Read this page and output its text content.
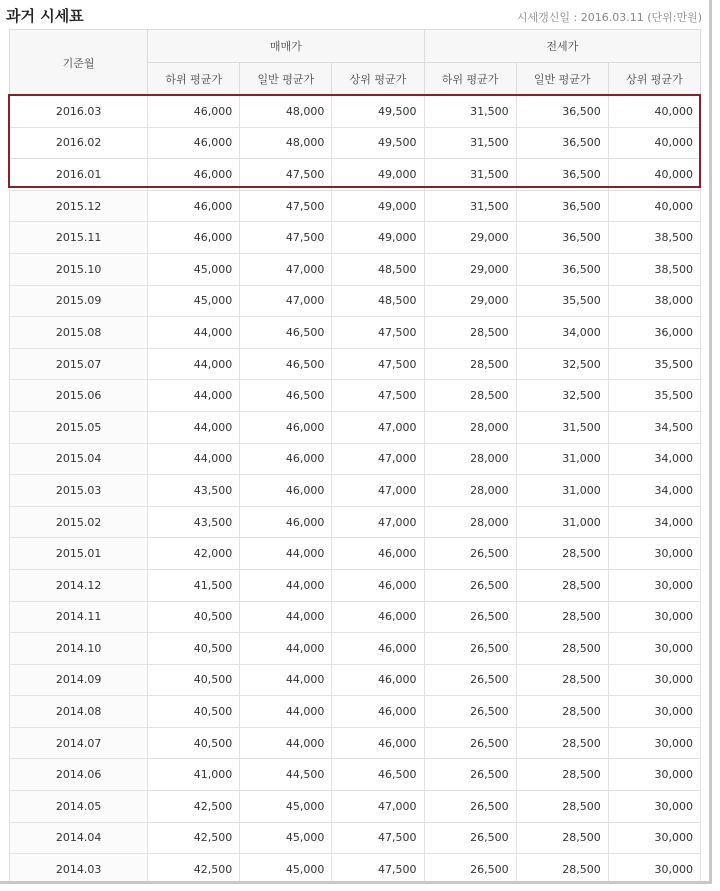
과거 시세표	시세갱신일 : 2016.03.11 (단위:만원)
기준월	매매가			전세가		
	하위 평균가	일반 평균가	상위 평균가	하위 평균가	일반 평균가	상위 평균가
2016.03	46,000	48,000	49,500	31,500	36,500	40,000
2016.02	46,000	48,000	49,500	31,500	36,500	40,000
2016.01	46,000	47,500	49,000	31,500	36,500	40,000
2015.12	46,000	47,500	49,000	31,500	36,500	40,000
2015.11	46,000	47,500	49,000	29,000	36,500	38,500
2015.10	45,000	47,000	48,500	29,000	36,500	38,500
2015.09	45,000	47,000	48,500	29,000	35,500	38,000
2015.08	44,000	46,500	47,500	28,500	34,000	36,000
2015.07	44,000	46,500	47,500	28,500	32,500	35,500
2015.06	44,000	46,500	47,500	28,500	32,500	35,500
2015.05	44,000	46,000	47,000	28,000	31,500	34,500
2015.04	44,000	46,000	47,000	28,000	31,000	34,000
2015.03	43,500	46,000	47,000	28,000	31,000	34,000
2015.02	43,500	46,000	47,000	28,000	31,000	34,000
2015.01	42,000	44,000	46,000	26,500	28,500	30,000
2014.12	41,500	44,000	46,000	26,500	28,500	30,000
2014.11	40,500	44,000	46,000	26,500	28,500	30,000
2014.10	40,500	44,000	46,000	26,500	28,500	30,000
2014.09	40,500	44,000	46,000	26,500	28,500	30,000
2014.08	40,500	44,000	46,000	26,500	28,500	30,000
2014.07	40,500	44,000	46,000	26,500	28,500	30,000
2014.06	41,000	44,500	46,500	26,500	28,500	30,000
2014.05	42,500	45,000	47,000	26,500	28,500	30,000
2014.04	42,500	45,000	47,500	26,500	28,500	30,000
2014.03	42,500	45,000	47,500	26,500	28,500	30,000
